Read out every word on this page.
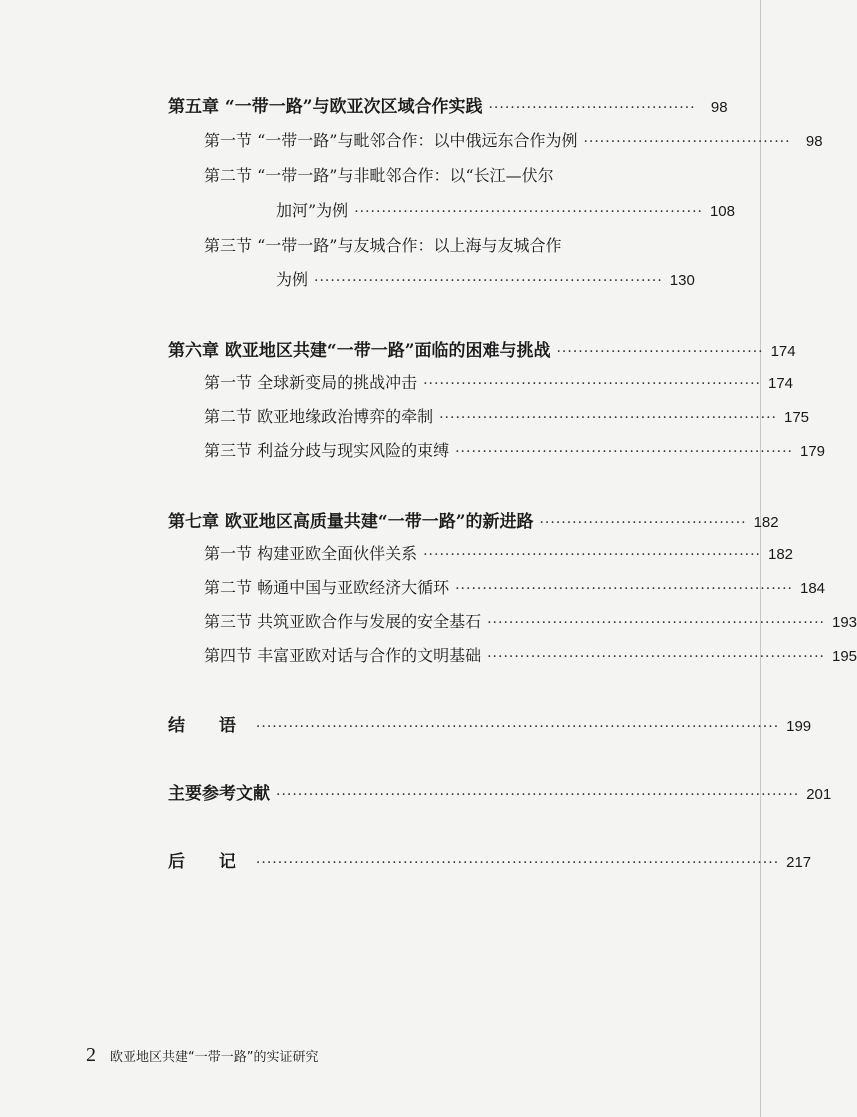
第五章 “一带一路”与欧亚次区域合作实践 ······································	98
第一节 “一带一路”与毗邻合作：以中俄远东合作为例 ······································	98
第二节 “一带一路”与非毗邻合作：以“长江—伏尔
加河”为例 ································································ 108
第三节 “一带一路”与友城合作：以上海与友城合作
为例 ································································ 130
第六章 欧亚地区共建“一带一路”面临的困难与挑战 ······································ 174
第一节 全球新变局的挑战冲击 ······························································ 174
第二节 欧亚地缘政治博弈的牵制 ······························································ 175
第三节 利益分歧与现实风险的束缚 ······························································ 179
第七章 欧亚地区高质量共建“一带一路”的新进路 ······································ 182
第一节 构建亚欧全面伙伴关系 ······························································ 182
第二节 畅通中国与亚欧经济大循环 ······························································ 184
第三节 共筑亚欧合作与发展的安全基石 ······························································ 193
第四节 丰富亚欧对话与合作的文明基础 ······························································ 195
结 语 ································································································ 199
主要参考文献 ································································································ 201
后 记 ································································································ 217
2 欧亚地区共建“一带一路”的实证研究
